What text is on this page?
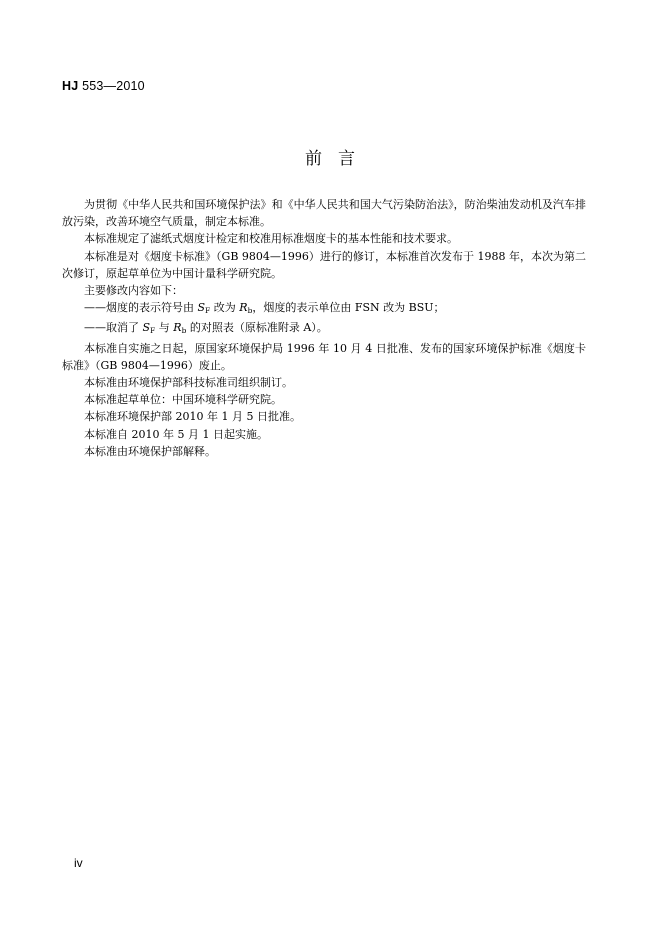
HJ 553—2010
前言

为贯彻《中华人民共和国环境保护法》和《中华人民共和国大气污染防治法》，防治柴油发动机及汽车排放污染，改善环境空气质量，制定本标准。

本标准规定了滤纸式烟度计检定和校准用标准烟度卡的基本性能和技术要求。

本标准是对《烟度卡标准》（GB 9804—1996）进行的修订，本标准首次发布于 1988 年，本次为第二次修订，原起草单位为中国计量科学研究院。

主要修改内容如下：

——烟度的表示符号由 $S_F$ 改为 $R_b$，烟度的表示单位由 FSN 改为 BSU；

——取消了 $S_F$ 与 $R_b$ 的对照表（原标准附录 A）。

本标准自实施之日起，原国家环境保护局 1996 年 10 月 4 日批准、发布的国家环境保护标准《烟度卡标准》（GB 9804—1996）废止。

本标准由环境保护部科技标准司组织制订。

本标准起草单位：中国环境科学研究院。

本标准环境保护部 2010 年 1 月 5 日批准。

本标准自 2010 年 5 月 1 日起实施。

本标准由环境保护部解释。

iv
